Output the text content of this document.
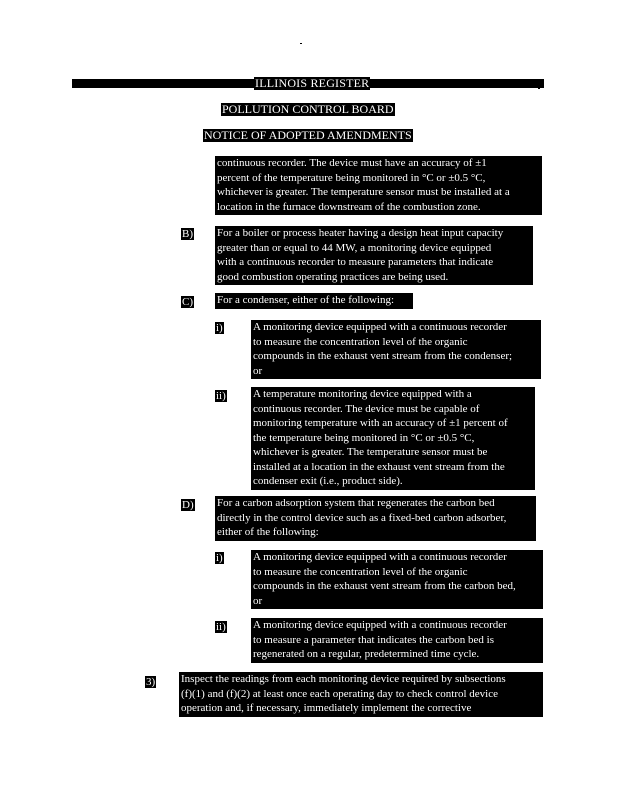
ILLINOIS REGISTER
POLLUTION CONTROL BOARD
NOTICE OF ADOPTED AMENDMENTS
continuous recorder. The device must have an accuracy of ±1
percent of the temperature being monitored in °C or ±0.5 °C,
whichever is greater. The temperature sensor must be installed at a
location in the furnace downstream of the combustion zone.
B) For a boiler or process heater having a design heat input capacity
greater than or equal to 44 MW, a monitoring device equipped
with a continuous recorder to measure parameters that indicate
good combustion operating practices are being used.
C) For a condenser, either of the following:
i)	A monitoring device equipped with a continuous recorder
to measure the concentration level of the organic
compounds in the exhaust vent stream from the condenser;
or
ii) A temperature monitoring device equipped with a
continuous recorder. The device must be capable of
monitoring temperature with an accuracy of ±1 percent of
the temperature being monitored in °C or ±0.5 °C,
whichever is greater. The temperature sensor must be
installed at a location in the exhaust vent stream from the
condenser exit (i.e., product side).
D) For a carbon adsorption system that regenerates the carbon bed
directly in the control device such as a fixed-bed carbon adsorber,
either of the following:
i)	A monitoring device equipped with a continuous recorder
to measure the concentration level of the organic
compounds in the exhaust vent stream from the carbon bed,
or
ii) A monitoring device equipped with a continuous recorder
to measure a parameter that indicates the carbon bed is
regenerated on a regular, predetermined time cycle.
3) Inspect the readings from each monitoring device required by subsections
(f)(1) and (f)(2) at least once each operating day to check control device
operation and, if necessary, immediately implement the corrective
